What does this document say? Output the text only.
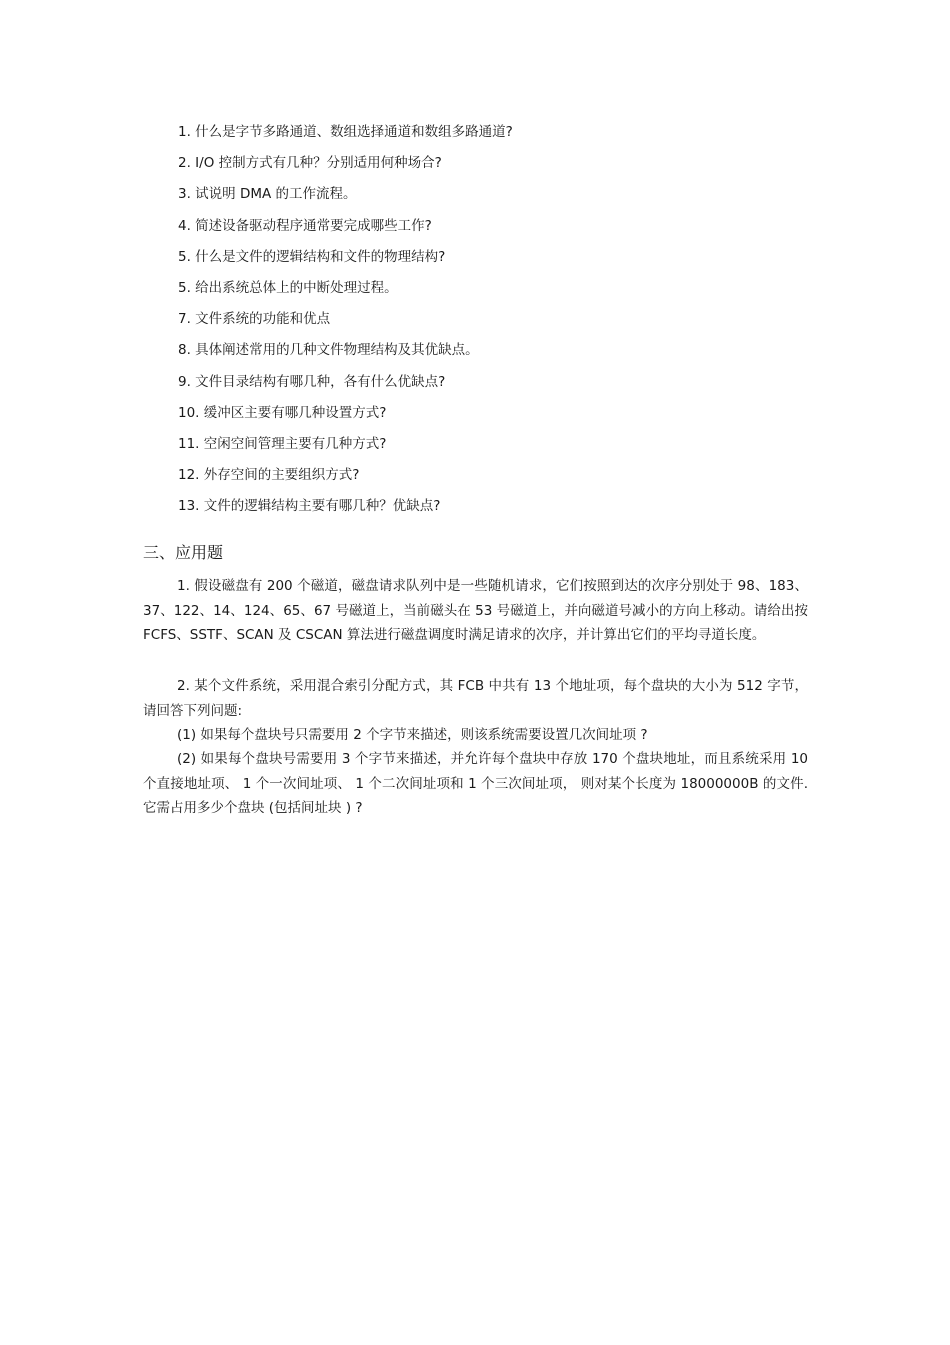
1. 什么是字节多路通道、数组选择通道和数组多路通道?
2. I/O 控制方式有几种？分别适用何种场合?
3. 试说明 DMA 的工作流程。
4. 简述设备驱动程序通常要完成哪些工作?
5. 什么是文件的逻辑结构和文件的物理结构?
5. 给出系统总体上的中断处理过程。
7. 文件系统的功能和优点
8. 具体阐述常用的几种文件物理结构及其优缺点。
9. 文件目录结构有哪几种，各有什么优缺点?
10. 缓冲区主要有哪几种设置方式?
11. 空闲空间管理主要有几种方式?
12. 外存空间的主要组织方式?
13. 文件的逻辑结构主要有哪几种？优缺点?
三、应用题

1. 假设磁盘有 200 个磁道，磁盘请求队列中是一些随机请求，它们按照到达的次序分别处于 98、183、37、122、14、124、65、67 号磁道上，当前磁头在 53 号磁道上，并向磁道号减小的方向上移动。请给出按 FCFS、SSTF、SCAN 及 CSCAN 算法进行磁盘调度时满足请求的次序，并计算出它们的平均寻道长度。

2. 某个文件系统，采用混合索引分配方式，其 FCB 中共有 13 个地址项，每个盘块的大小为 512 字节，请回答下列问题:

(1) 如果每个盘块号只需要用 2 个字节来描述，则该系统需要设置几次间址项 ?

(2) 如果每个盘块号需要用 3 个字节来描述，并允许每个盘块中存放 170 个盘块地址，而且系统采用 10 个直接地址项、 1 个一次间址项、 1 个二次间址项和 1 个三次间址项， 则对某个长度为 18000000B 的文件. 它需占用多少个盘块 (包括间址块 ) ?
